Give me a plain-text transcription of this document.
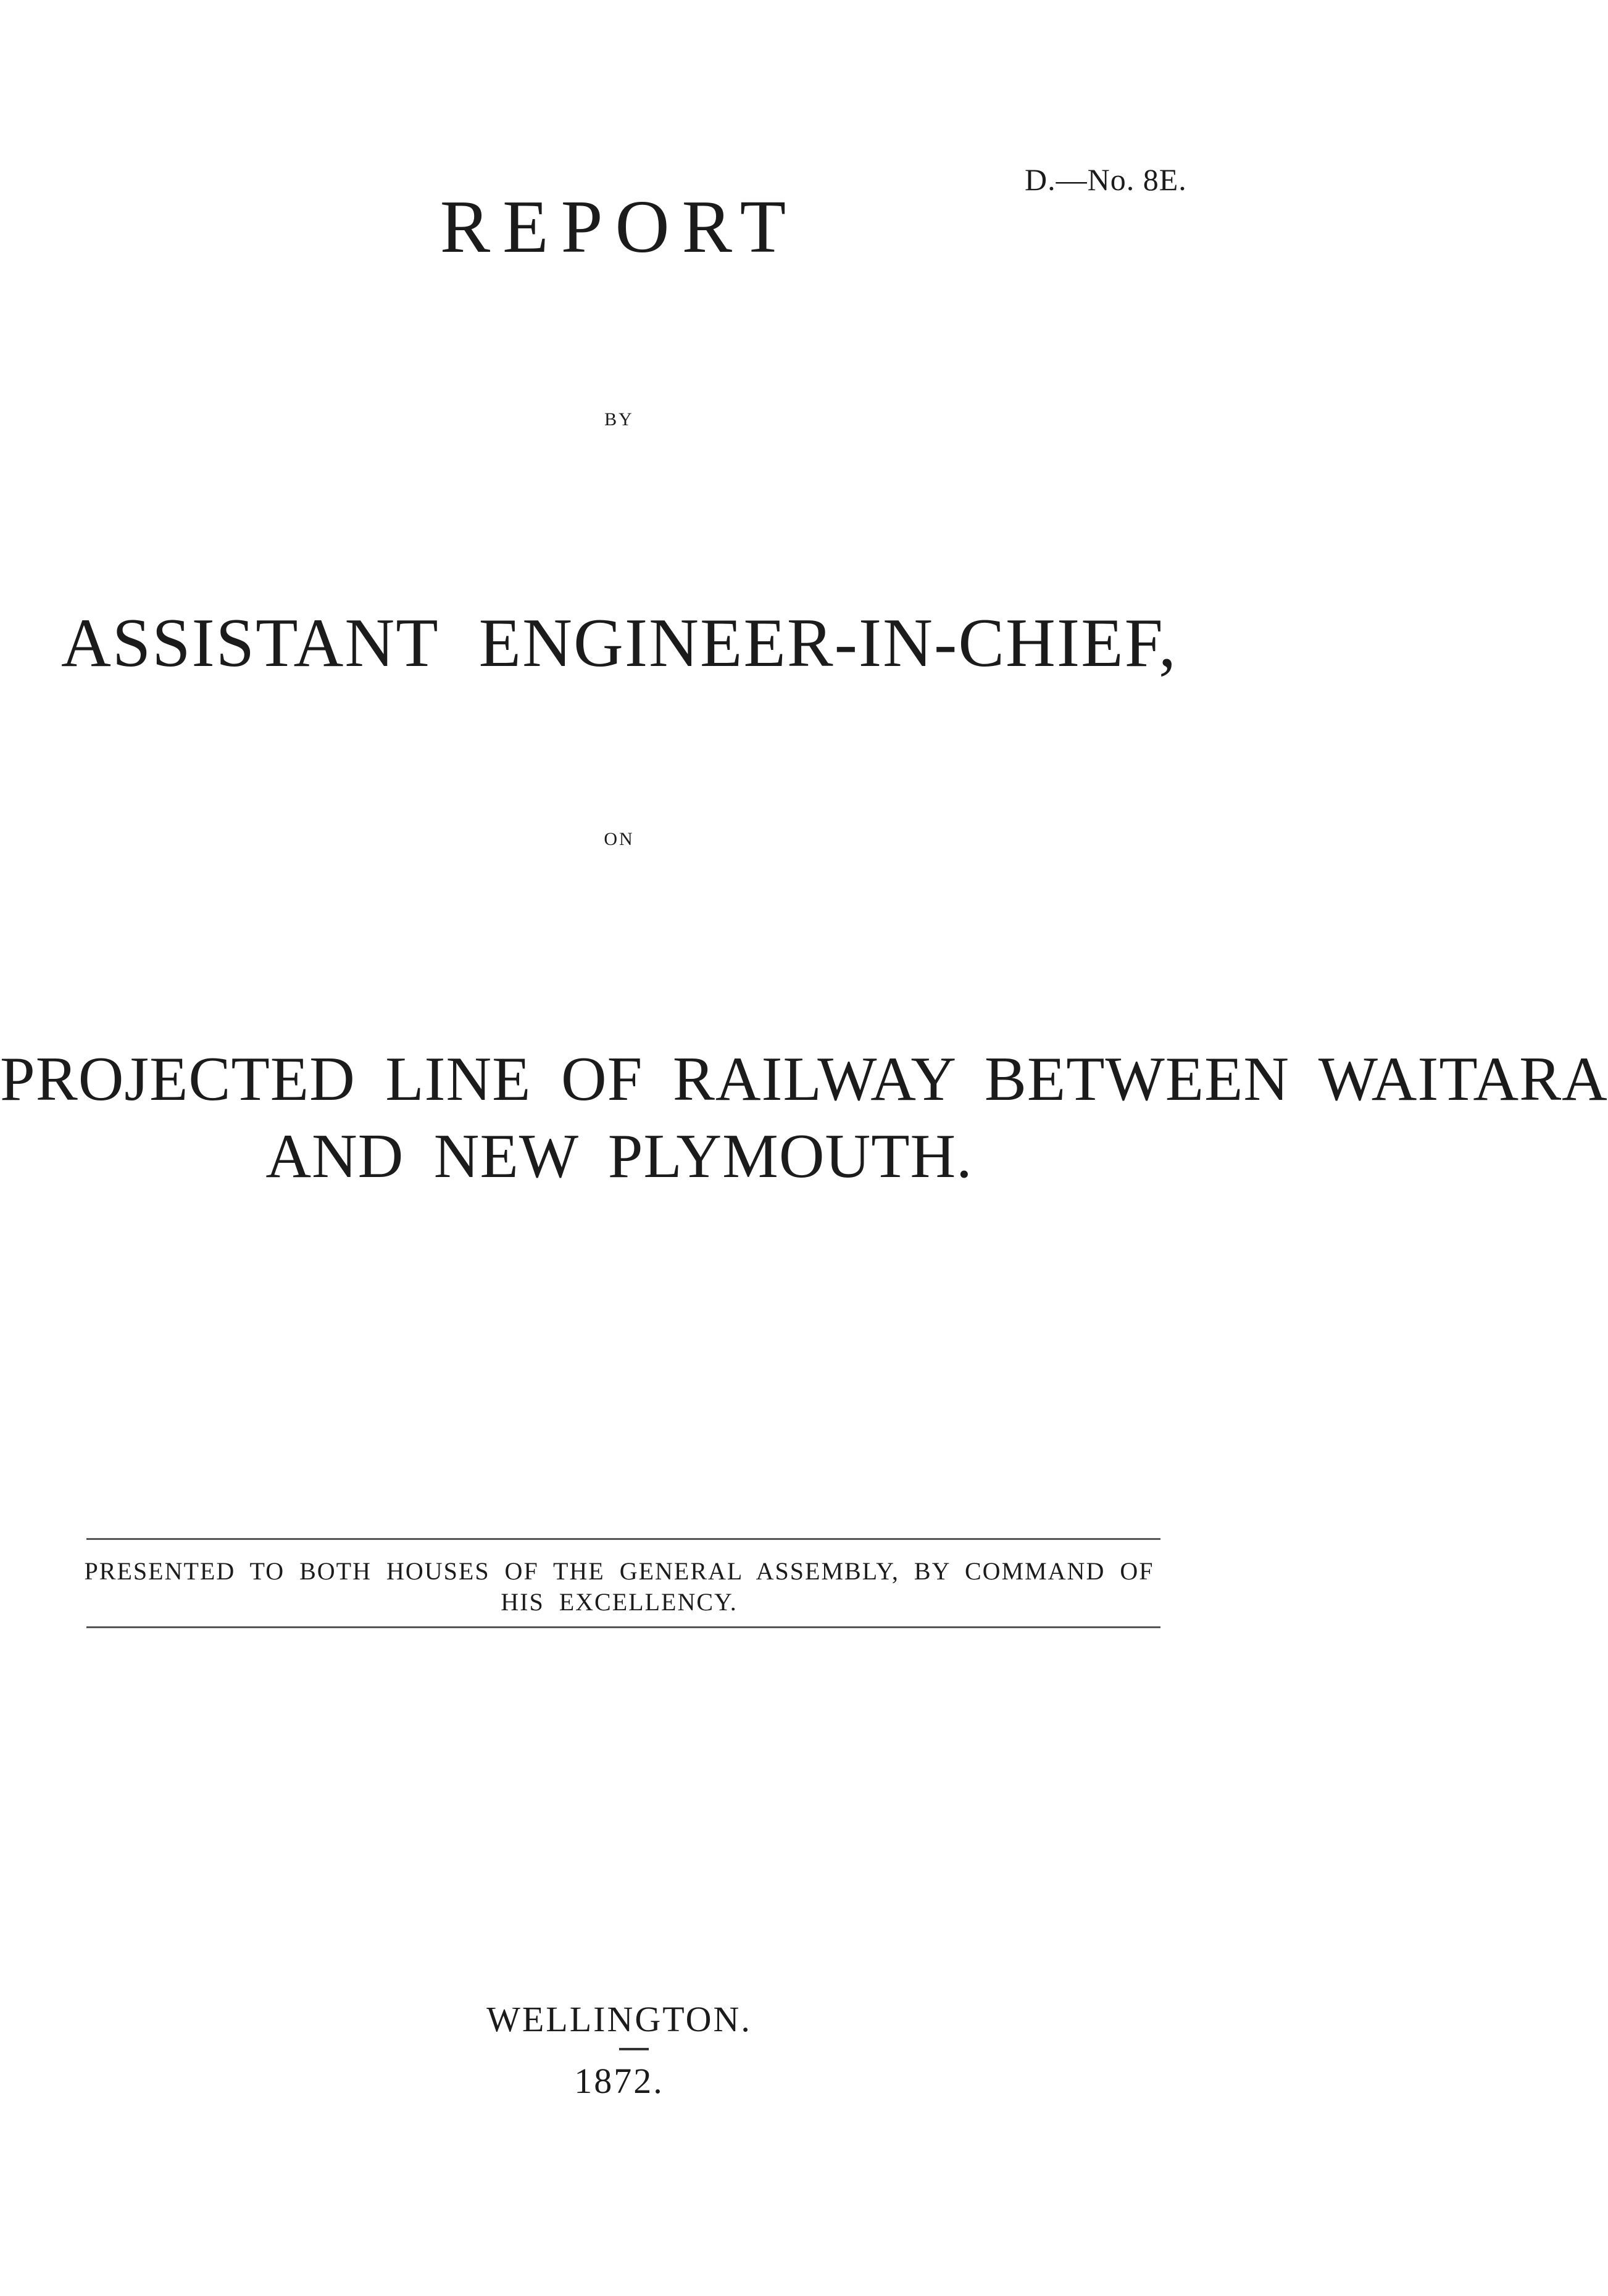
D.—No. 8E.
REPORT
BY
ASSISTANT ENGINEER-IN-CHIEF,
ON
PROJECTED LINE OF RAILWAY BETWEEN WAITARA
AND NEW PLYMOUTH.
PRESENTED TO BOTH HOUSES OF THE GENERAL ASSEMBLY, BY COMMAND OF
HIS EXCELLENCY.
WELLINGTON.
1872.
